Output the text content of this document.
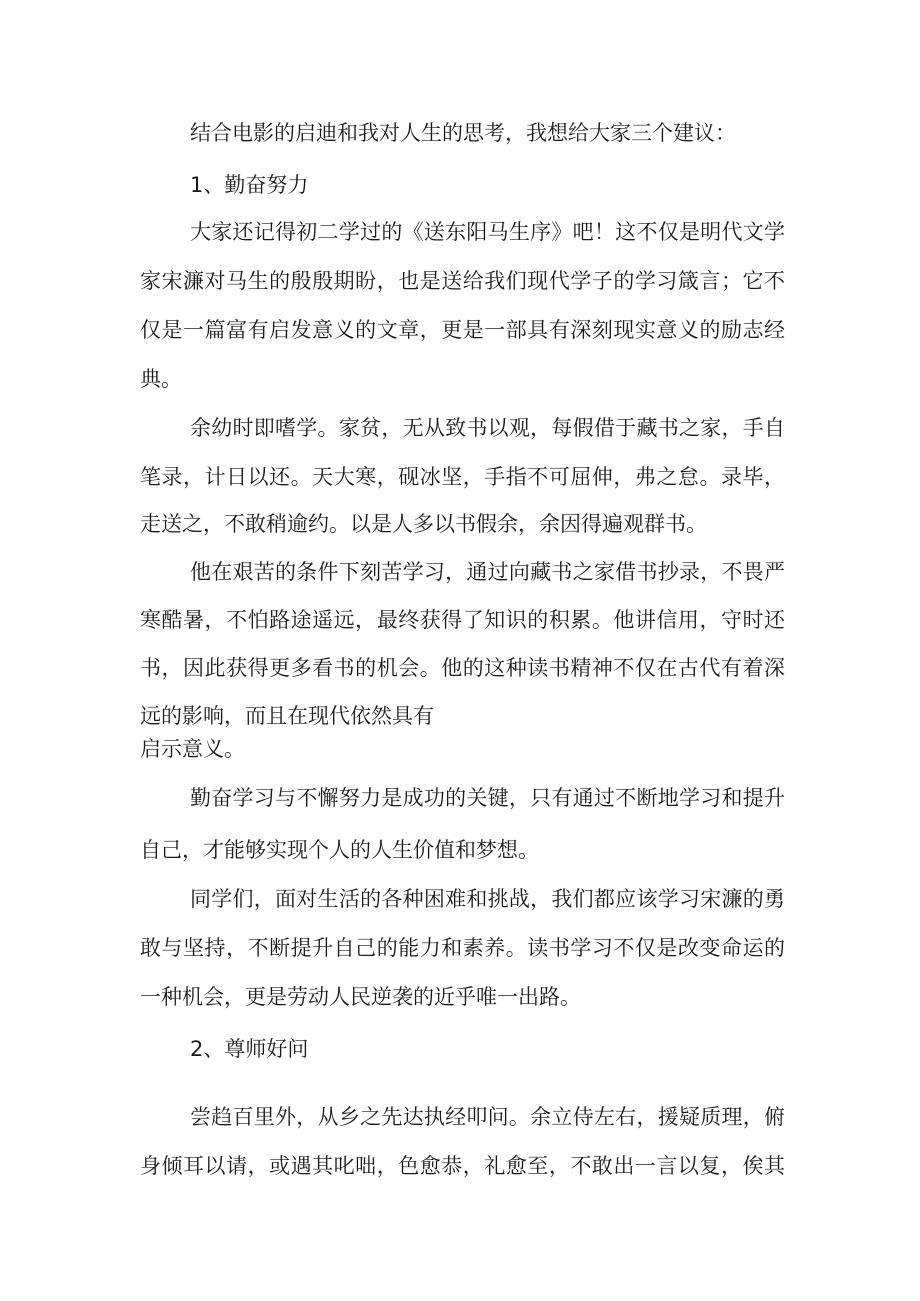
结合电影的启迪和我对人生的思考，我想给大家三个建议：
1、勤奋努力
大家还记得初二学过的《送东阳马生序》吧！这不仅是明代文学
家宋濂对马生的殷殷期盼，也是送给我们现代学子的学习箴言；它不
仅是一篇富有启发意义的文章，更是一部具有深刻现实意义的励志经
典。
余幼时即嗜学。家贫，无从致书以观，每假借于藏书之家，手自
笔录，计日以还。天大寒，砚冰坚，手指不可屈伸，弗之怠。录毕，
走送之，不敢稍逾约。以是人多以书假余，余因得遍观群书。
他在艰苦的条件下刻苦学习，通过向藏书之家借书抄录，不畏严
寒酷暑，不怕路途遥远，最终获得了知识的积累。他讲信用，守时还
书，因此获得更多看书的机会。他的这种读书精神不仅在古代有着深
远的影响，而且在现代依然具有
启示意义。
勤奋学习与不懈努力是成功的关键，只有通过不断地学习和提升
自己，才能够实现个人的人生价值和梦想。
同学们，面对生活的各种困难和挑战，我们都应该学习宋濂的勇
敢与坚持，不断提升自己的能力和素养。读书学习不仅是改变命运的
一种机会，更是劳动人民逆袭的近乎唯一出路。
2、尊师好问
尝趋百里外，从乡之先达执经叩问。余立侍左右，援疑质理，俯
身倾耳以请，或遇其叱咄，色愈恭，礼愈至，不敢出一言以复，俟其
